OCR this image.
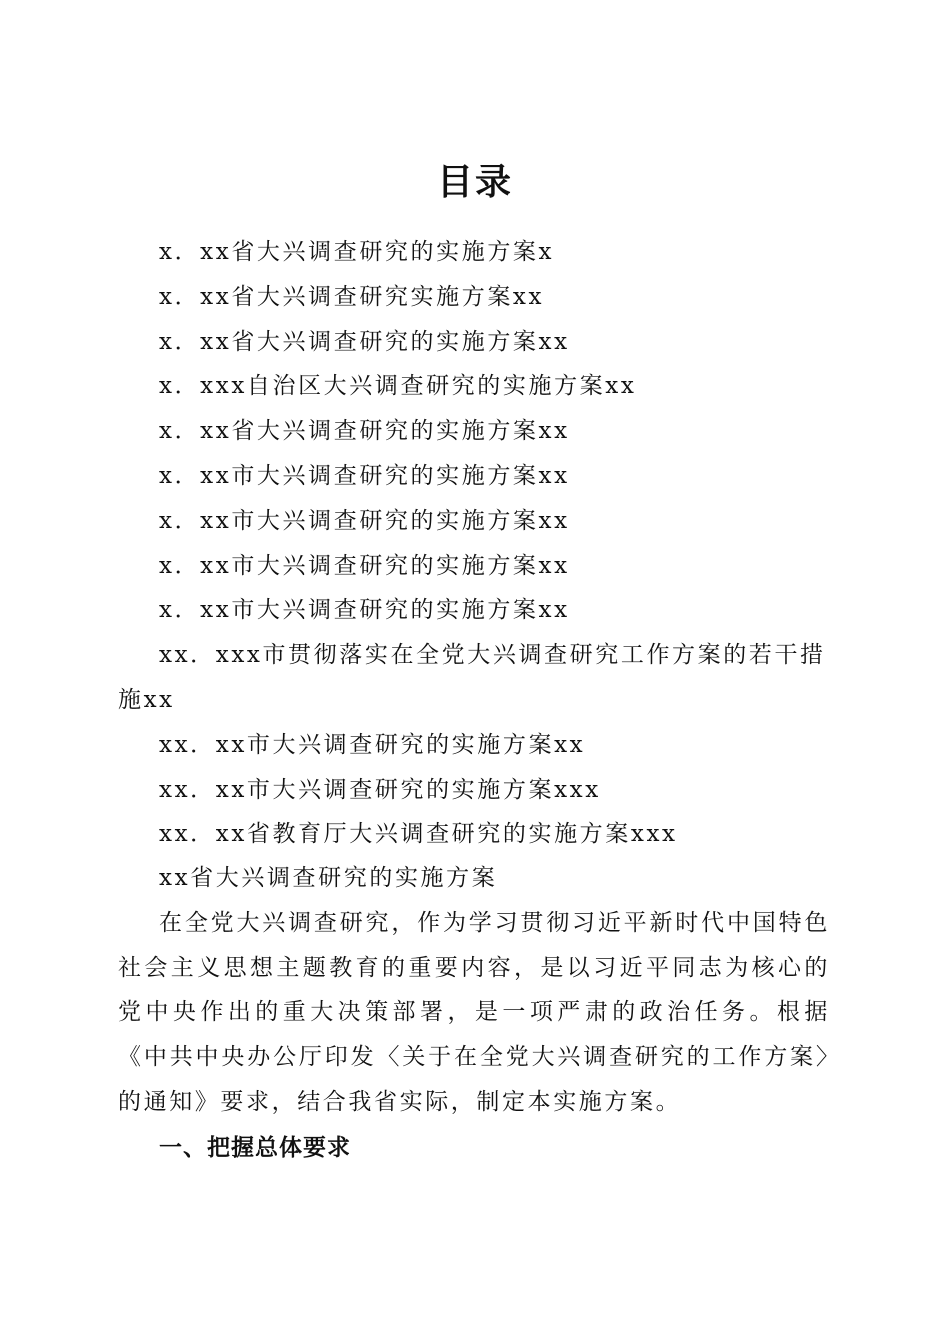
目录
x．xx省大兴调查研究的实施方案x
x．xx省大兴调查研究实施方案xx
x．xx省大兴调查研究的实施方案xx
x．xxx自治区大兴调查研究的实施方案xx
x．xx省大兴调查研究的实施方案xx
x．xx市大兴调查研究的实施方案xx
x．xx市大兴调查研究的实施方案xx
x．xx市大兴调查研究的实施方案xx
x．xx市大兴调查研究的实施方案xx
xx．xxx市贯彻落实在全党大兴调查研究工作方案的若干措施xx
xx．xx市大兴调查研究的实施方案xx
xx．xx市大兴调查研究的实施方案xxx
xx．xx省教育厅大兴调查研究的实施方案xxx

xx省大兴调查研究的实施方案

在全党大兴调查研究，作为学习贯彻习近平新时代中国特色社会主义思想主题教育的重要内容，是以习近平同志为核心的党中央作出的重大决策部署，是一项严肃的政治任务。根据《中共中央办公厅印发〈关于在全党大兴调查研究的工作方案〉的通知》要求，结合我省实际，制定本实施方案。

一、把握总体要求
